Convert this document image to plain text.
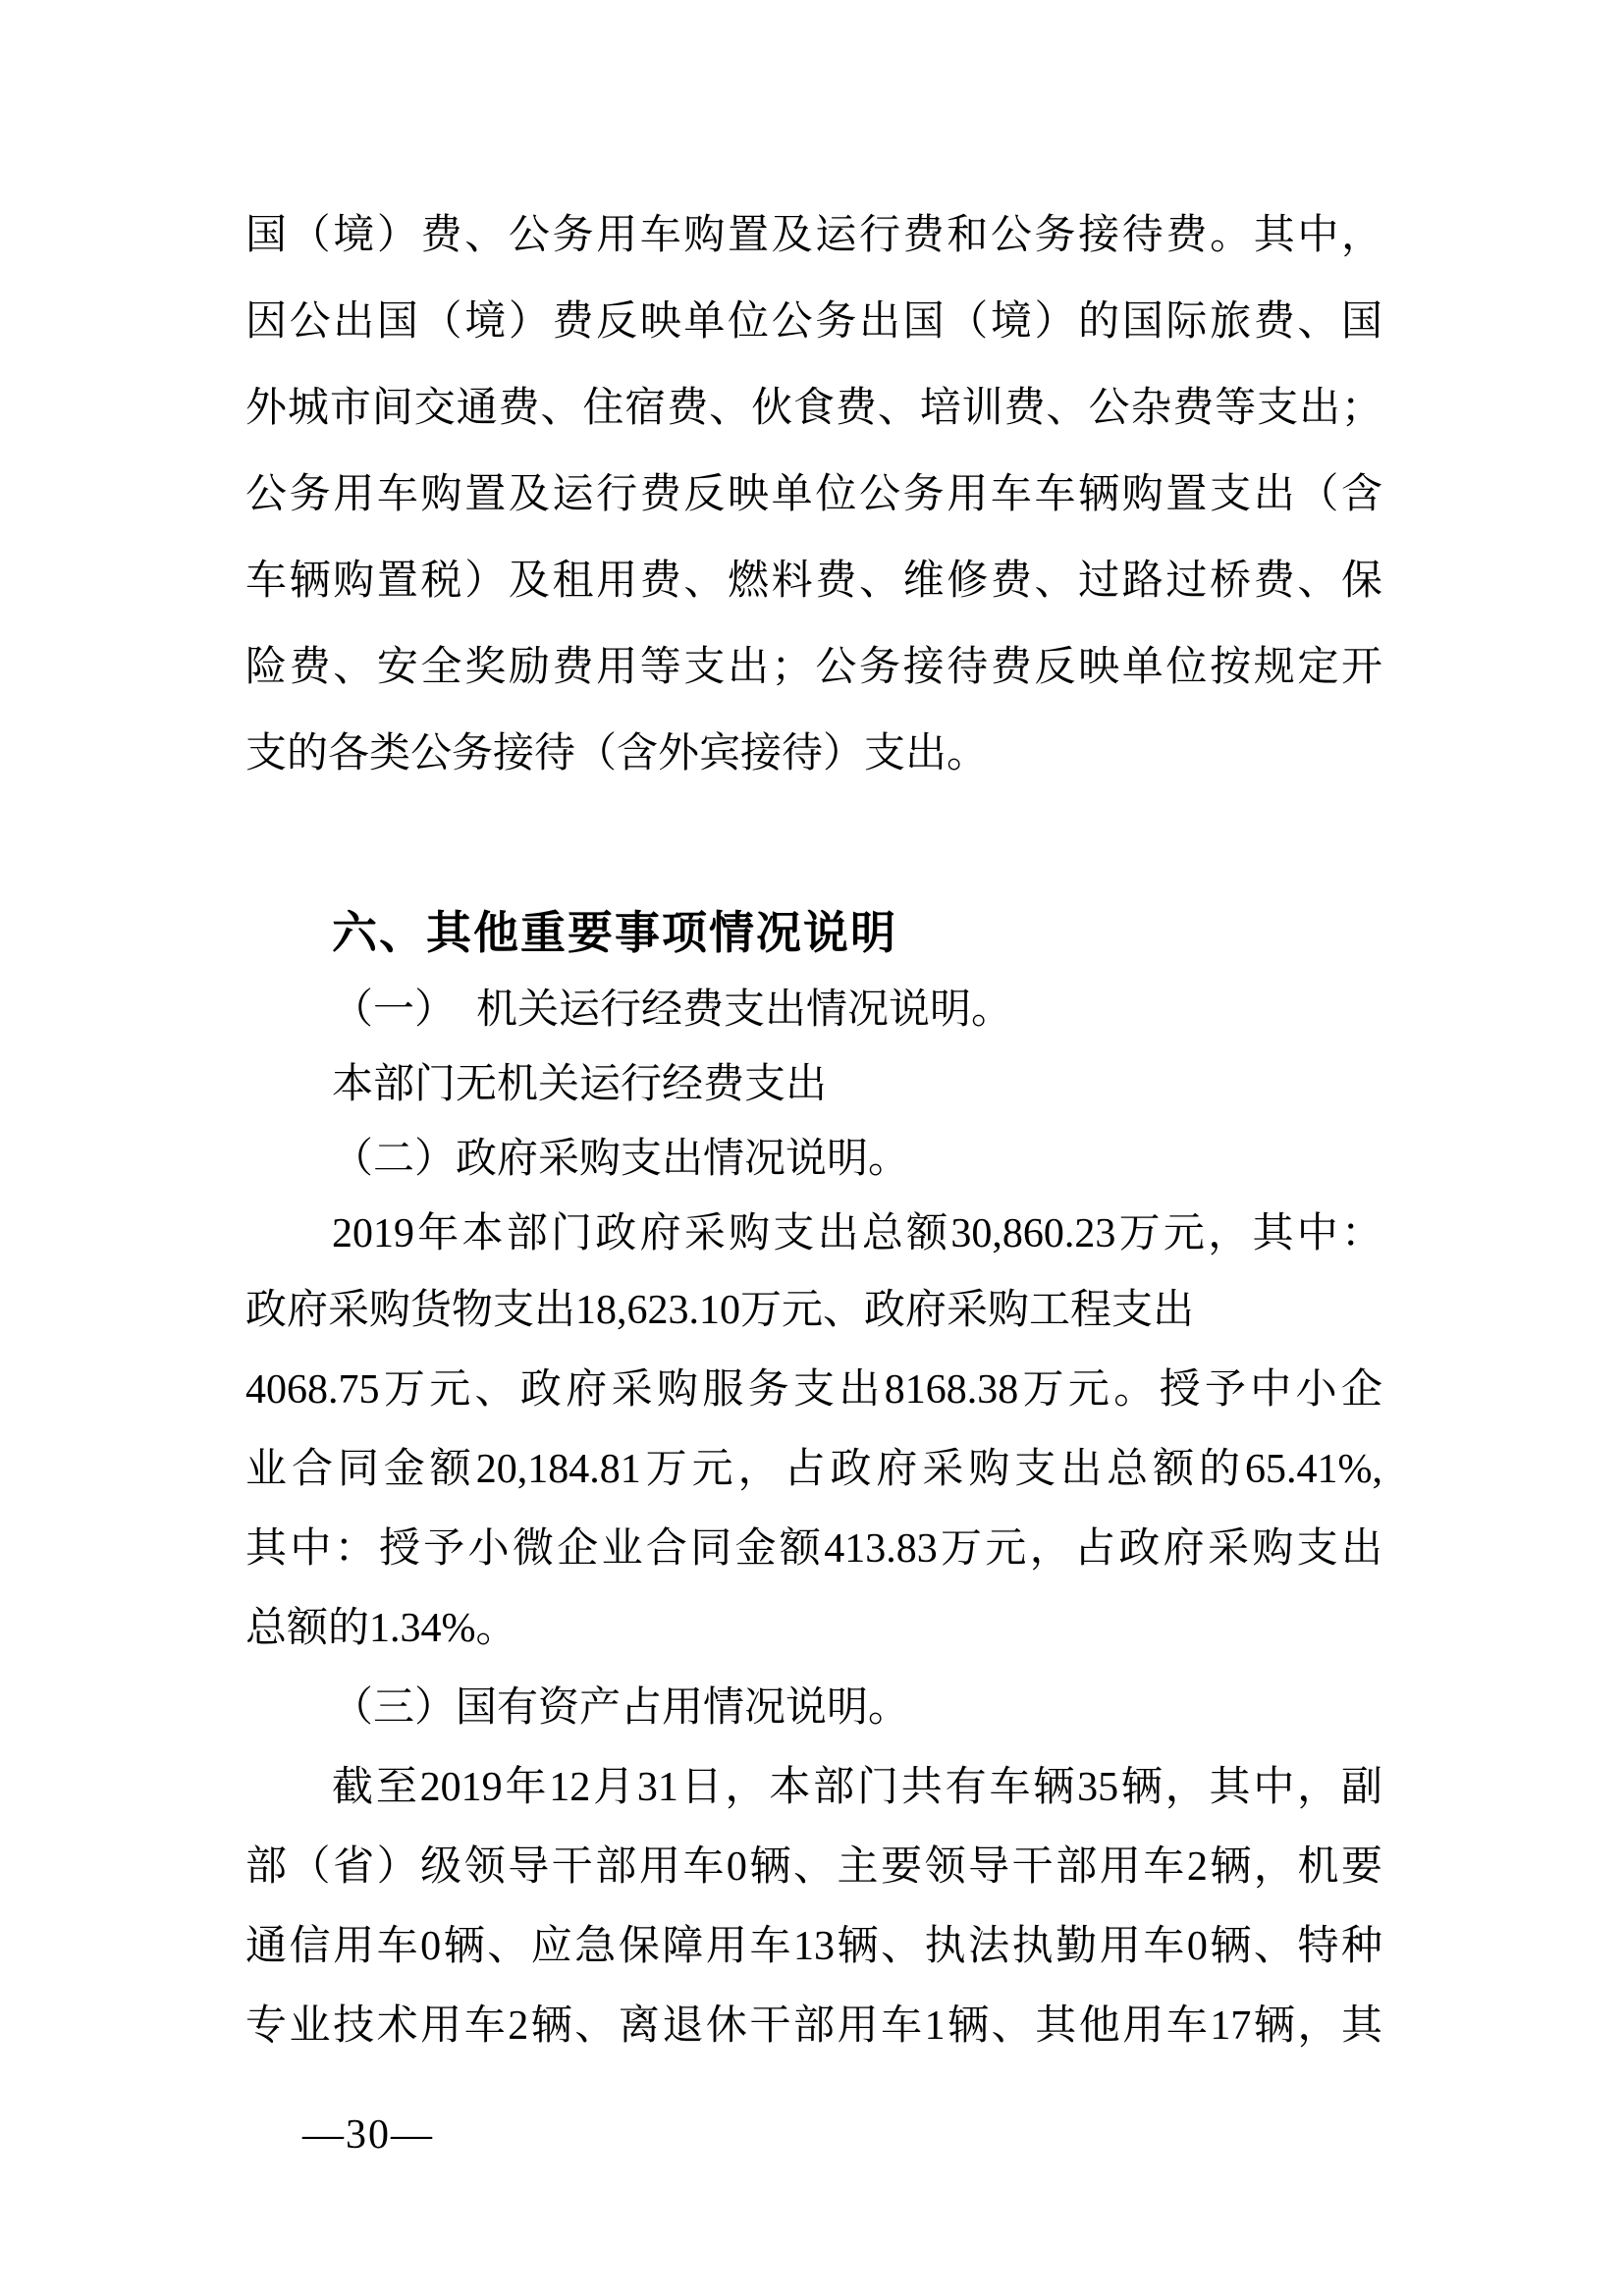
国（境）费、公务用车购置及运行费和公务接待费。其中，
因公出国（境）费反映单位公务出国（境）的国际旅费、国
外城市间交通费、住宿费、伙食费、培训费、公杂费等支出；
公务用车购置及运行费反映单位公务用车车辆购置支出（含
车辆购置税）及租用费、燃料费、维修费、过路过桥费、保
险费、安全奖励费用等支出；公务接待费反映单位按规定开
支的各类公务接待（含外宾接待）支出。
六、其他重要事项情况说明
（一）　机关运行经费支出情况说明。
本部门无机关运行经费支出
（二）政府采购支出情况说明。
2019年本部门政府采购支出总额30,860.23万元，其中：
政府采购货物支出18,623.10万元、政府采购工程支出
4068.75万元、政府采购服务支出8168.38万元。授予中小企
业合同金额20,184.81万元，占政府采购支出总额的65.41%,
其中：授予小微企业合同金额413.83万元，占政府采购支出
总额的1.34%。
（三）国有资产占用情况说明。
截至2019年12月31日，本部门共有车辆35辆，其中，副
部（省）级领导干部用车0辆、主要领导干部用车2辆，机要
通信用车0辆、应急保障用车13辆、执法执勤用车0辆、特种
专业技术用车2辆、离退休干部用车1辆、其他用车17辆，其
—30—
